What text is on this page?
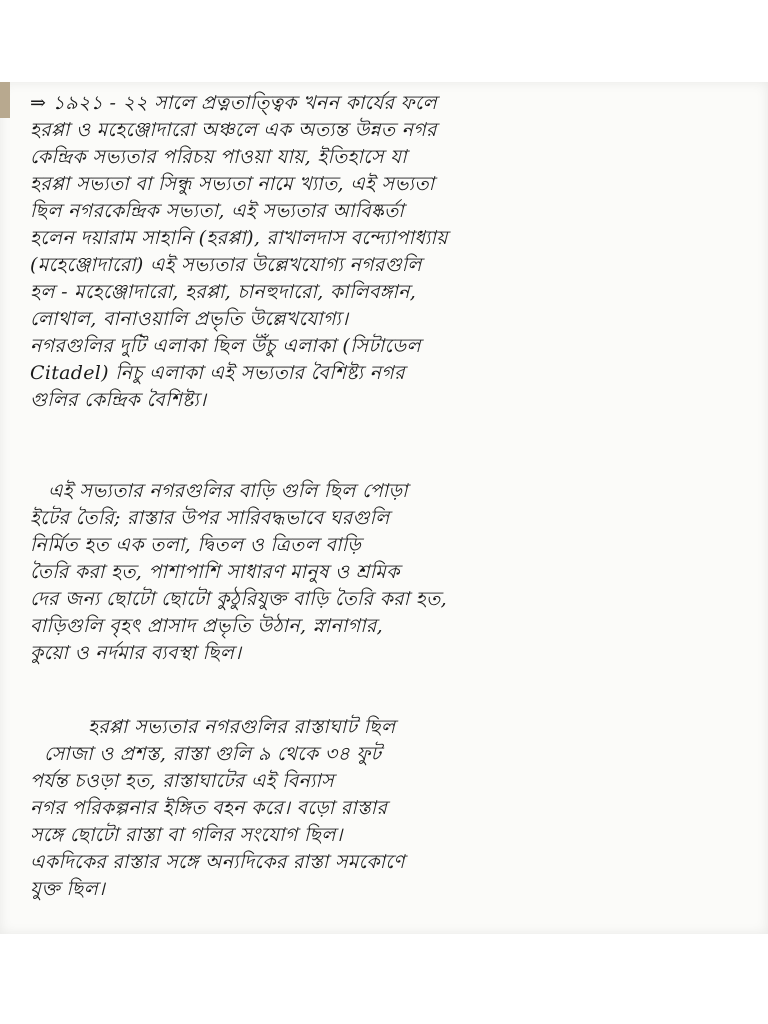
⇒ ১৯২১ - ২২ সালে প্রত্নতাত্ত্বিক খনন কার্যের ফলে
হরপ্পা ও মহেঞ্জোদারো অঞ্চলে এক অত্যন্ত উন্নত নগর
কেন্দ্রিক সভ্যতার পরিচয় পাওয়া যায়, ইতিহাসে যা
হরপ্পা সভ্যতা বা সিন্ধু সভ্যতা নামে খ্যাত, এই সভ্যতা
ছিল নগরকেন্দ্রিক সভ্যতা, এই সভ্যতার আবিষ্কর্তা
হলেন দয়ারাম সাহানি (হরপ্পা), রাখালদাস বন্দ্যোপাধ্যায়
(মহেঞ্জোদারো) এই সভ্যতার উল্লেখযোগ্য নগরগুলি
হল - মহেঞ্জোদারো, হরপ্পা, চানহুদারো, কালিবঙ্গান,
লোথাল, বানাওয়ালি প্রভৃতি উল্লেখযোগ্য।
নগরগুলির দুটি এলাকা ছিল উঁচু এলাকা (সিটাডেল
Citadel) নিচু এলাকা এই সভ্যতার বৈশিষ্ট্য নগর
গুলির কেন্দ্রিক বৈশিষ্ট্য।
এই সভ্যতার নগরগুলির বাড়ি গুলি ছিল পোড়া
ইটের তৈরি; রাস্তার উপর সারিবদ্ধভাবে ঘরগুলি
নির্মিত হত এক তলা, দ্বিতল ও ত্রিতল বাড়ি
তৈরি করা হত, পাশাপাশি সাধারণ মানুষ ও শ্রমিক
দের জন্য ছোটো ছোটো কুঠুরিযুক্ত বাড়ি তৈরি করা হত,
বাড়িগুলি বৃহৎ প্রাসাদ প্রভৃতি উঠান, স্নানাগার,
কুয়ো ও নর্দমার ব্যবস্থা ছিল।
হরপ্পা সভ্যতার নগরগুলির রাস্তাঘাট ছিল
সোজা ও প্রশস্ত, রাস্তা গুলি ৯ থেকে ৩৪ ফুট
পর্যন্ত চওড়া হত, রাস্তাঘাটের এই বিন্যাস
নগর পরিকল্পনার ইঙ্গিত বহন করে। বড়ো রাস্তার
সঙ্গে ছোটো রাস্তা বা গলির সংযোগ ছিল।
একদিকের রাস্তার সঙ্গে অন্যদিকের রাস্তা সমকোণে
যুক্ত ছিল।
